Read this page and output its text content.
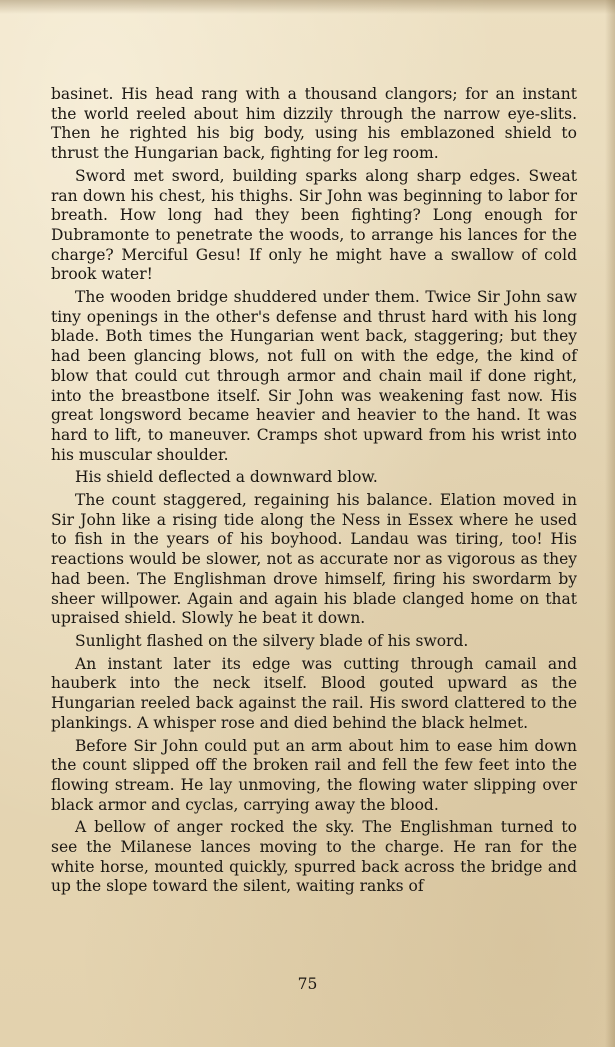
basinet. His head rang with a thousand clangors; for an instant the world reeled about him dizzily through the narrow eye-slits. Then he righted his big body, using his emblazoned shield to thrust the Hungarian back, fighting for leg room.

Sword met sword, building sparks along sharp edges. Sweat ran down his chest, his thighs. Sir John was beginning to labor for breath. How long had they been fighting? Long enough for Dubramonte to penetrate the woods, to arrange his lances for the charge? Merciful Gesu! If only he might have a swallow of cold brook water!

The wooden bridge shuddered under them. Twice Sir John saw tiny openings in the other's defense and thrust hard with his long blade. Both times the Hungarian went back, staggering; but they had been glancing blows, not full on with the edge, the kind of blow that could cut through armor and chain mail if done right, into the breastbone itself. Sir John was weakening fast now. His great longsword became heavier and heavier to the hand. It was hard to lift, to maneuver. Cramps shot upward from his wrist into his muscular shoulder.

His shield deflected a downward blow.

The count staggered, regaining his balance. Elation moved in Sir John like a rising tide along the Ness in Essex where he used to fish in the years of his boyhood. Landau was tiring, too! His reactions would be slower, not as accurate nor as vigorous as they had been. The Englishman drove himself, firing his swordarm by sheer willpower. Again and again his blade clanged home on that upraised shield. Slowly he beat it down.

Sunlight flashed on the silvery blade of his sword.

An instant later its edge was cutting through camail and hauberk into the neck itself. Blood gouted upward as the Hungarian reeled back against the rail. His sword clattered to the plankings. A whisper rose and died behind the black helmet.

Before Sir John could put an arm about him to ease him down the count slipped off the broken rail and fell the few feet into the flowing stream. He lay unmoving, the flowing water slipping over black armor and cyclas, carrying away the blood.

A bellow of anger rocked the sky. The Englishman turned to see the Milanese lances moving to the charge. He ran for the white horse, mounted quickly, spurred back across the bridge and up the slope toward the silent, waiting ranks of

75
